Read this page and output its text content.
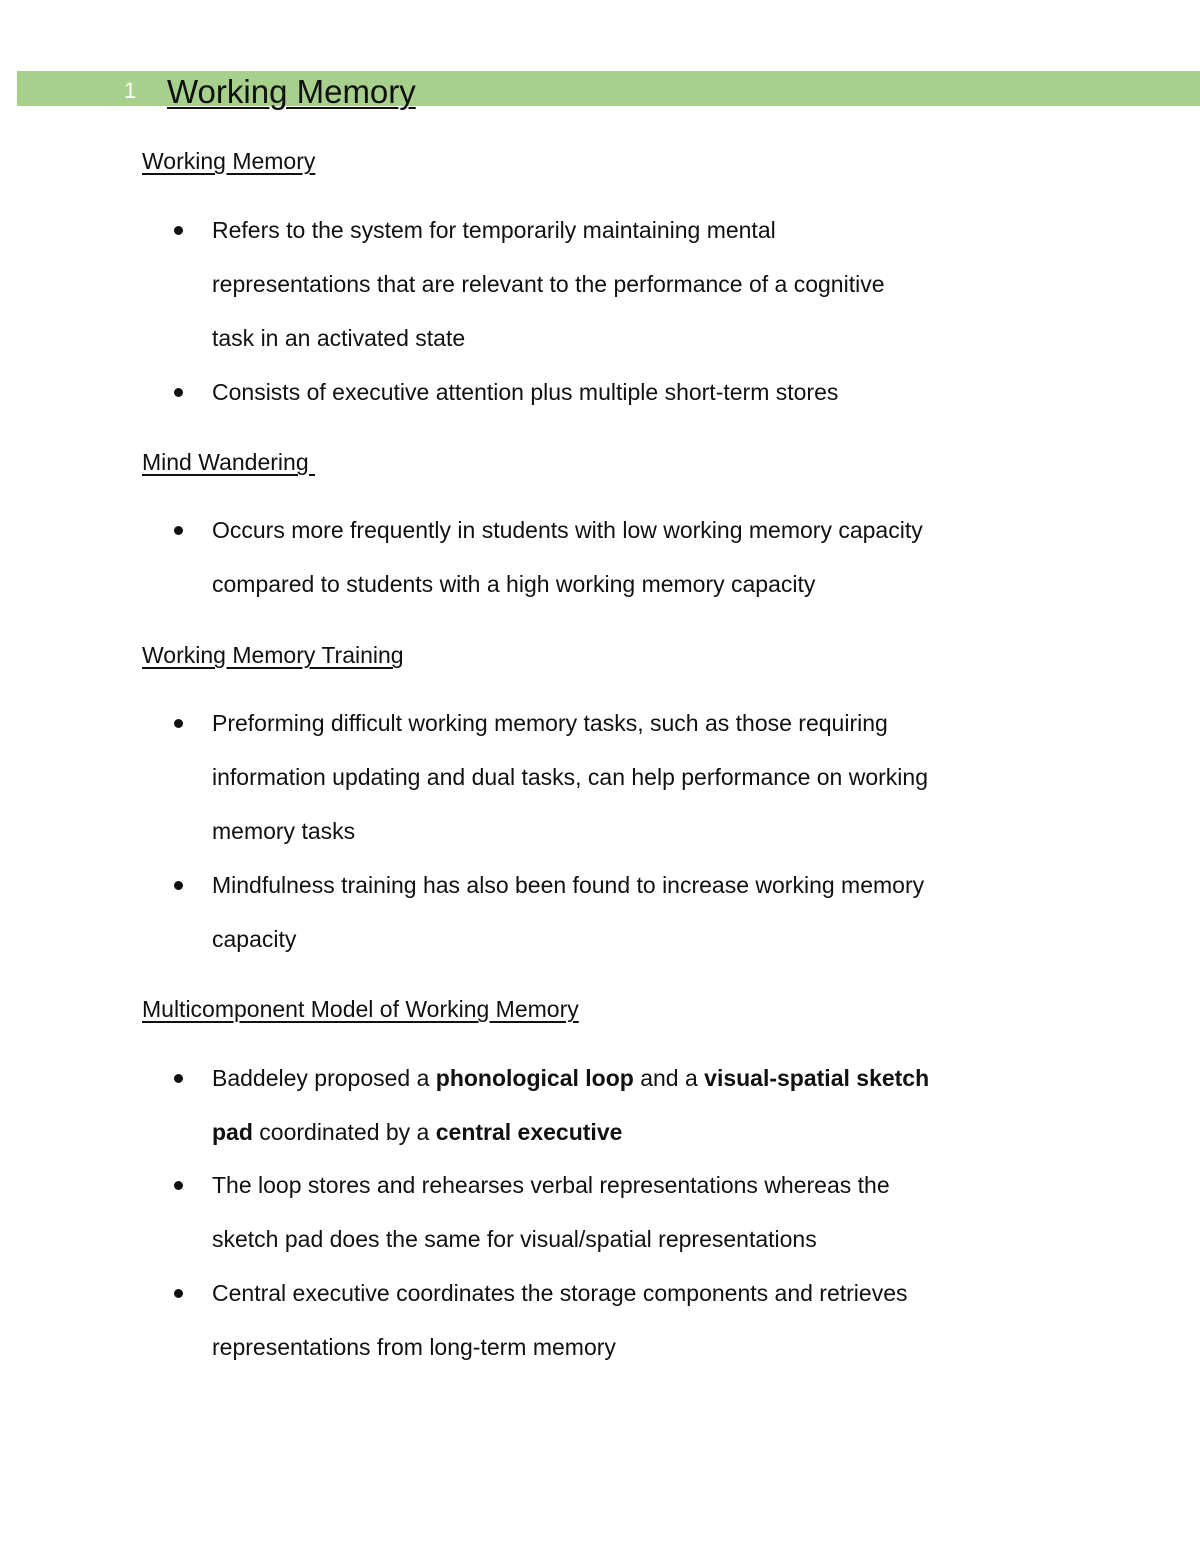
1 Working Memory
Working Memory
Refers to the system for temporarily maintaining mental
representations that are relevant to the performance of a cognitive
task in an activated state
Consists of executive attention plus multiple short-term stores
Mind Wandering
Occurs more frequently in students with low working memory capacity
compared to students with a high working memory capacity
Working Memory Training
Preforming difficult working memory tasks, such as those requiring
information updating and dual tasks, can help performance on working
memory tasks
Mindfulness training has also been found to increase working memory
capacity
Multicomponent Model of Working Memory
Baddeley proposed a phonological loop and a visual-spatial sketch
pad coordinated by a central executive
The loop stores and rehearses verbal representations whereas the
sketch pad does the same for visual/spatial representations
Central executive coordinates the storage components and retrieves
representations from long-term memory
